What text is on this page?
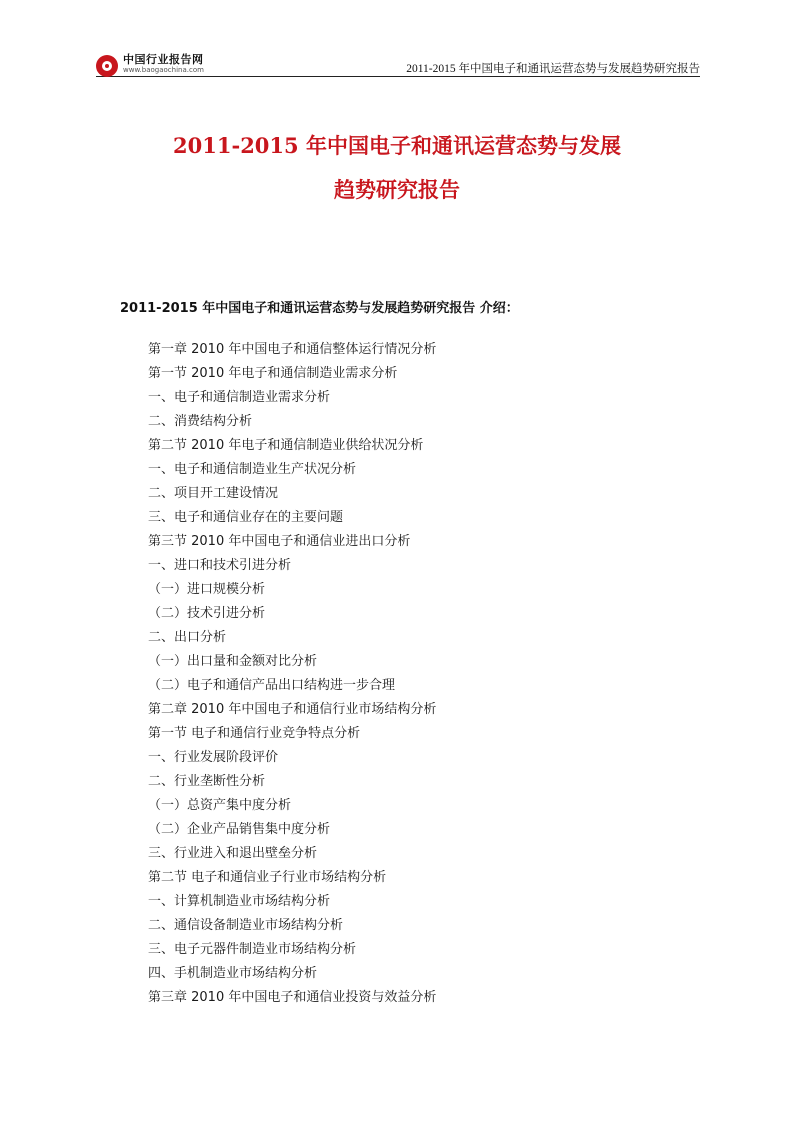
中国行业报告网
www.baogaochina.com	2011-2015 年中国电子和通讯运营态势与发展趋势研究报告
2011-2015 年中国电子和通讯运营态势与发展
趋势研究报告
2011-2015 年中国电子和通讯运营态势与发展趋势研究报告 介绍：
第一章 2010 年中国电子和通信整体运行情况分析
第一节 2010 年电子和通信制造业需求分析
一、电子和通信制造业需求分析
二、消费结构分析
第二节 2010 年电子和通信制造业供给状况分析
一、电子和通信制造业生产状况分析
二、项目开工建设情况
三、电子和通信业存在的主要问题
第三节 2010 年中国电子和通信业进出口分析
一、进口和技术引进分析
（一）进口规模分析
（二）技术引进分析
二、出口分析
（一）出口量和金额对比分析
（二）电子和通信产品出口结构进一步合理
第二章 2010 年中国电子和通信行业市场结构分析
第一节 电子和通信行业竞争特点分析
一、行业发展阶段评价
二、行业垄断性分析
（一）总资产集中度分析
（二）企业产品销售集中度分析
三、行业进入和退出壁垒分析
第二节 电子和通信业子行业市场结构分析
一、计算机制造业市场结构分析
二、通信设备制造业市场结构分析
三、电子元器件制造业市场结构分析
四、手机制造业市场结构分析
第三章 2010 年中国电子和通信业投资与效益分析
